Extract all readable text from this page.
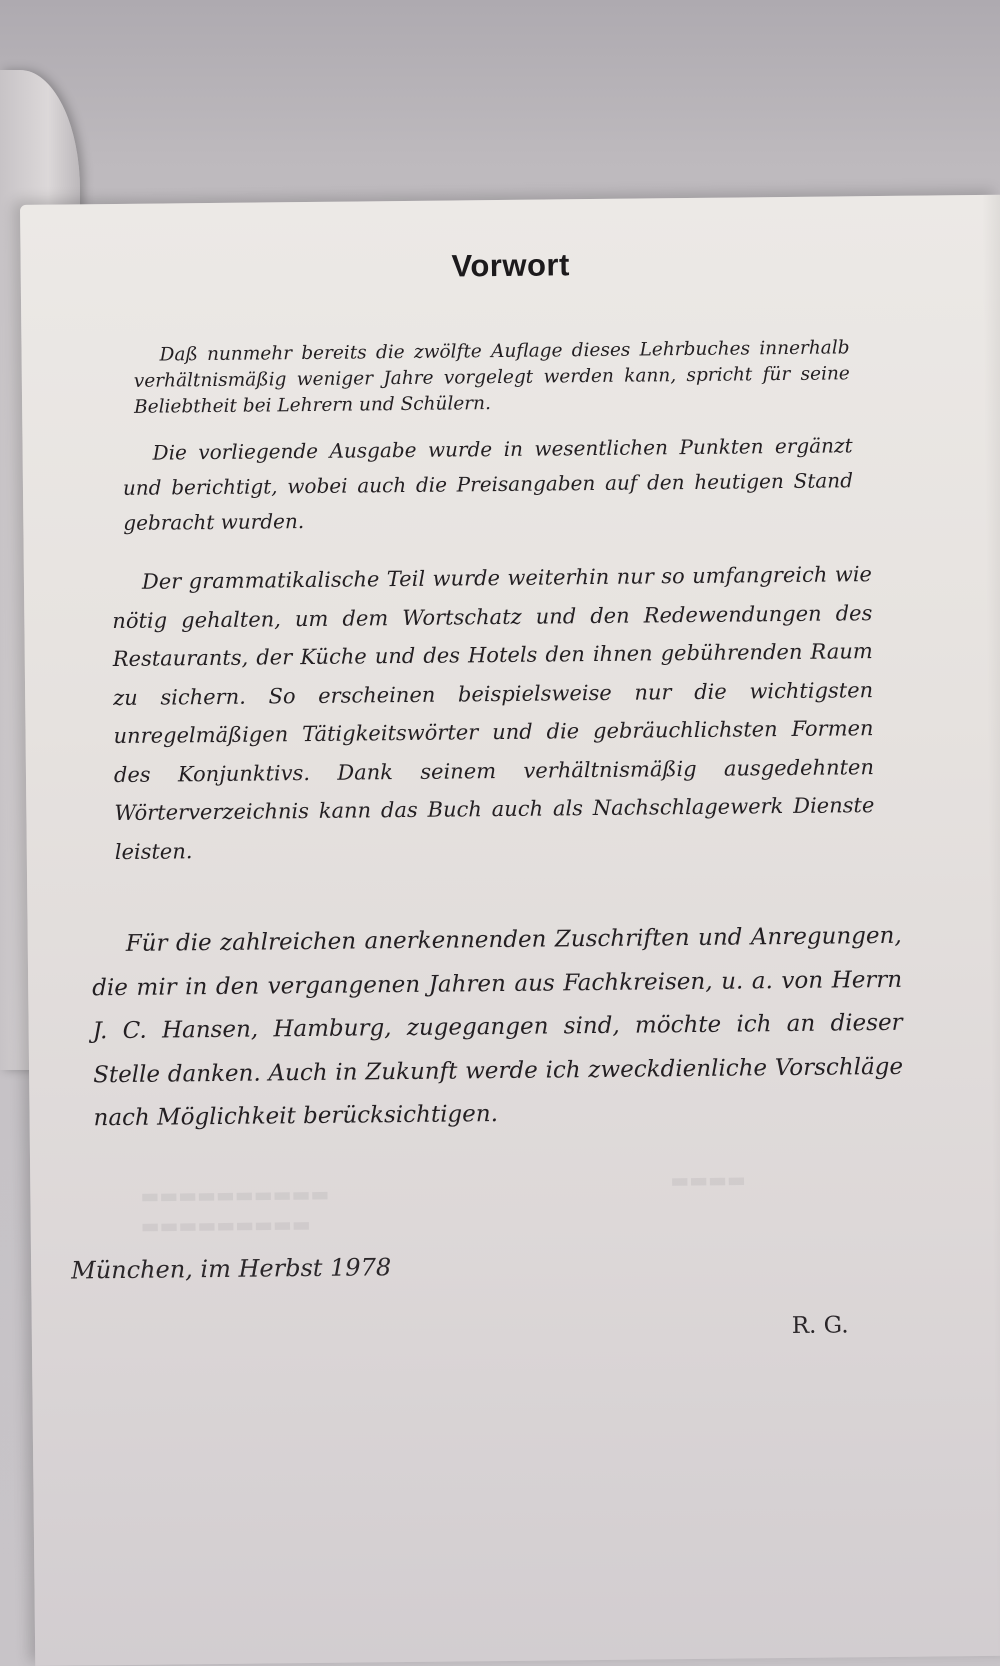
▬▬▬▬
▬▬▬▬▬▬▬▬▬▬
▬▬▬▬▬▬▬▬▬
Vorwort

Daß nunmehr bereits die zwölfte Auflage dieses Lehrbuches innerhalb verhältnismäßig weniger Jahre vorgelegt werden kann, spricht für seine Beliebtheit bei Lehrern und Schülern.

Die vorliegende Ausgabe wurde in wesentlichen Punkten ergänzt und berichtigt, wobei auch die Preisangaben auf den heutigen Stand gebracht wurden.

Der grammatikalische Teil wurde weiterhin nur so umfangreich wie nötig gehalten, um dem Wortschatz und den Redewendungen des Restaurants, der Küche und des Hotels den ihnen gebührenden Raum zu sichern. So erscheinen beispielsweise nur die wichtigsten unregelmäßigen Tätigkeitswörter und die gebräuchlichsten Formen des Konjunktivs. Dank seinem verhältnismäßig ausgedehnten Wörterverzeichnis kann das Buch auch als Nachschlagewerk Dienste leisten.

Für die zahlreichen anerkennenden Zuschriften und Anregungen, die mir in den vergangenen Jahren aus Fachkreisen, u. a. von Herrn J. C. Hansen, Hamburg, zugegangen sind, möchte ich an dieser Stelle danken. Auch in Zukunft werde ich zweckdienliche Vorschläge nach Möglichkeit berücksichtigen.

München, im Herbst 1978
R. G.
